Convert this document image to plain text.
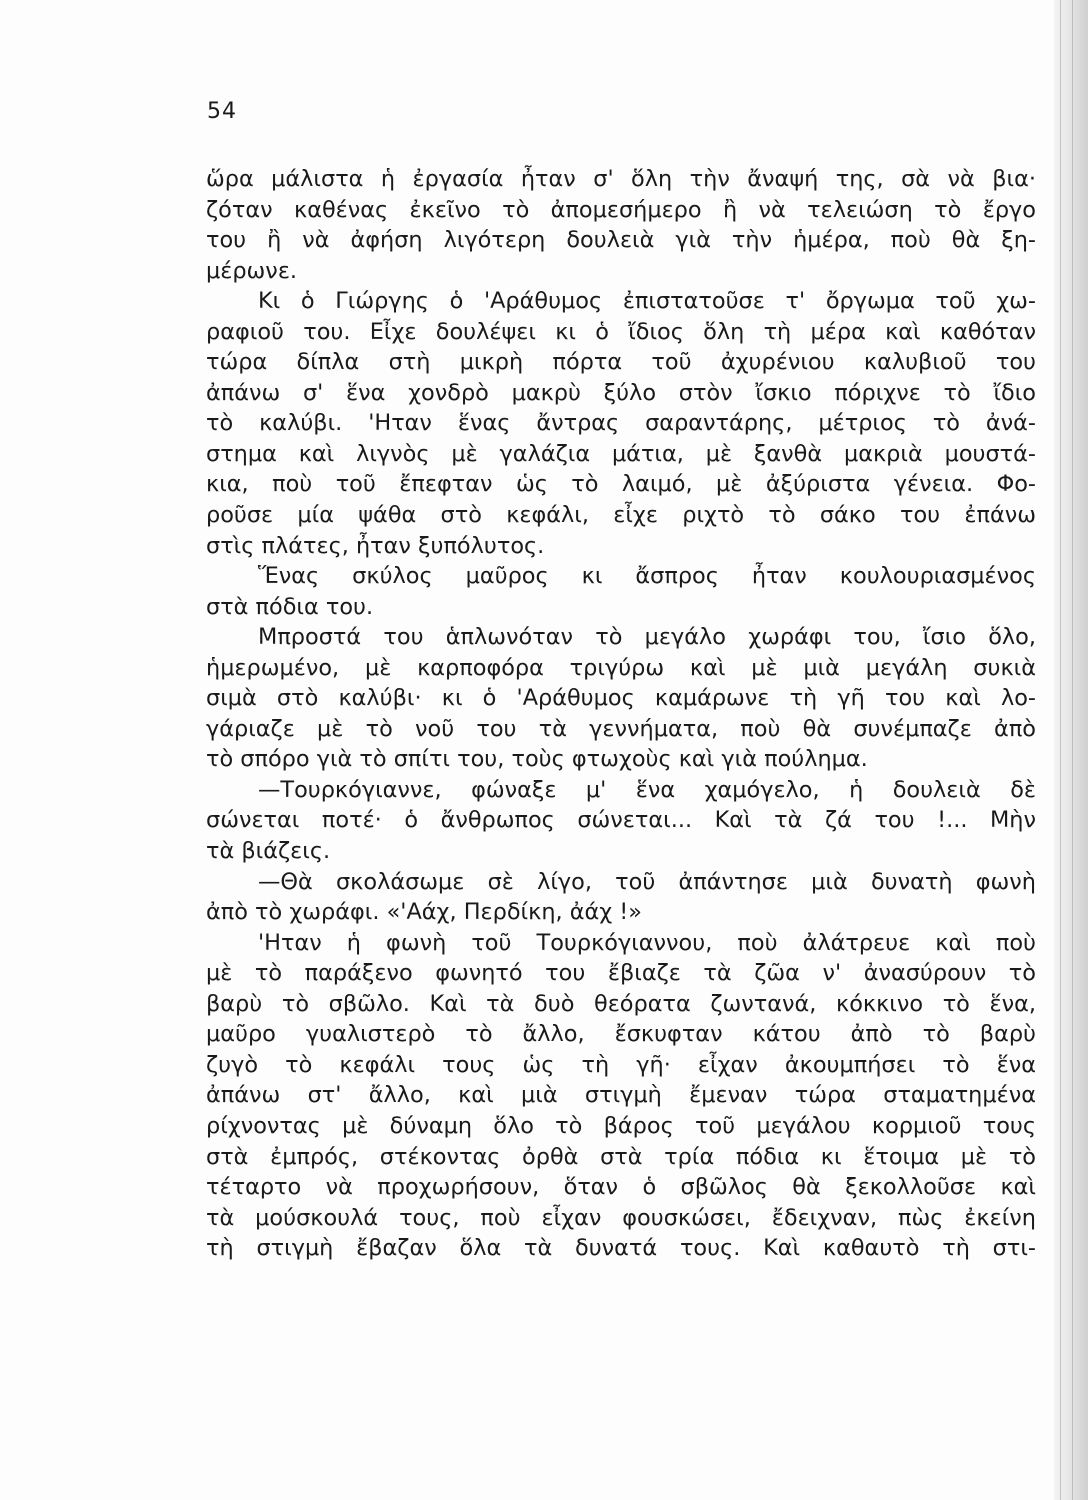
54
ὥρα μάλιστα ἡ ἐργασία ἦταν σ' ὅλη τὴν ἄναψή της, σὰ νὰ βια·
ζόταν καθένας ἐκεῖνο τὸ ἀπομεσήμερο ἢ νὰ τελειώση τὸ ἔργο
του ἢ νὰ ἀφήση λιγότερη δουλειὰ γιὰ τὴν ἡμέρα, ποὺ θὰ ξη-
μέρωνε.
Κι ὁ Γιώργης ὁ 'Αράθυμος ἐπιστατοῦσε τ' ὄργωμα τοῦ χω-
ραφιοῦ του. Εἶχε δουλέψει κι ὁ ἴδιος ὅλη τὴ μέρα καὶ καθόταν
τώρα δίπλα στὴ μικρὴ πόρτα τοῦ ἀχυρένιου καλυβιοῦ του
ἀπάνω σ' ἕνα χονδρὸ μακρὺ ξύλο στὸν ἴσκιο πόριχνε τὸ ἴδιο
τὸ καλύβι. 'Ηταν ἕνας ἄντρας σαραντάρης, μέτριος τὸ ἀνά-
στημα καὶ λιγνὸς μὲ γαλάζια μάτια, μὲ ξανθὰ μακριὰ μουστά-
κια, ποὺ τοῦ ἔπεφταν ὡς τὸ λαιμό, μὲ ἀξύριστα γένεια. Φο-
ροῦσε μία ψάθα στὸ κεφάλι, εἶχε ριχτὸ τὸ σάκο του ἐπάνω
στὶς πλάτες, ἦταν ξυπόλυτος.
Ἕνας σκύλος μαῦρος κι ἄσπρος ἦταν κουλουριασμένος
στὰ πόδια του.
Μπροστά του ἁπλωνόταν τὸ μεγάλο χωράφι του, ἴσιο ὅλο,
ἡμερωμένο, μὲ καρποφόρα τριγύρω καὶ μὲ μιὰ μεγάλη συκιὰ
σιμὰ στὸ καλύβι· κι ὁ 'Αράθυμος καμάρωνε τὴ γῆ του καὶ λο-
γάριαζε μὲ τὸ νοῦ του τὰ γεννήματα, ποὺ θὰ συνέμπαζε ἀπὸ
τὸ σπόρο γιὰ τὸ σπίτι του, τοὺς φτωχοὺς καὶ γιὰ πούλημα.
—Τουρκόγιαννε, φώναξε μ' ἕνα χαμόγελο, ἡ δουλειὰ δὲ
σώνεται ποτέ· ὁ ἄνθρωπος σώνεται... Καὶ τὰ ζά του !... Μὴν
τὰ βιάζεις.
—Θὰ σκολάσωμε σὲ λίγο, τοῦ ἀπάντησε μιὰ δυνατὴ φωνὴ
ἀπὸ τὸ χωράφι. «'Αάχ, Περδίκη, ἀάχ !»
'Ηταν ἡ φωνὴ τοῦ Τουρκόγιαννου, ποὺ ἀλάτρευε καὶ ποὺ
μὲ τὸ παράξενο φωνητό του ἔβιαζε τὰ ζῶα ν' ἀνασύρουν τὸ
βαρὺ τὸ σβῶλο. Καὶ τὰ δυὸ θεόρατα ζωντανά, κόκκινο τὸ ἕνα,
μαῦρο γυαλιστερὸ τὸ ἄλλο, ἔσκυφταν κάτου ἀπὸ τὸ βαρὺ
ζυγὸ τὸ κεφάλι τους ὡς τὴ γῆ· εἶχαν ἀκουμπήσει τὸ ἕνα
ἀπάνω στ' ἄλλο, καὶ μιὰ στιγμὴ ἔμεναν τώρα σταματημένα
ρίχνοντας μὲ δύναμη ὅλο τὸ βάρος τοῦ μεγάλου κορμιοῦ τους
στὰ ἐμπρός, στέκοντας ὀρθὰ στὰ τρία πόδια κι ἕτοιμα μὲ τὸ
τέταρτο νὰ προχωρήσουν, ὅταν ὁ σβῶλος θὰ ξεκολλοῦσε καὶ
τὰ μούσκουλά τους, ποὺ εἶχαν φουσκώσει, ἔδειχναν, πὼς ἐκείνη
τὴ στιγμὴ ἔβαζαν ὅλα τὰ δυνατά τους. Καὶ καθαυτὸ τὴ στι-
